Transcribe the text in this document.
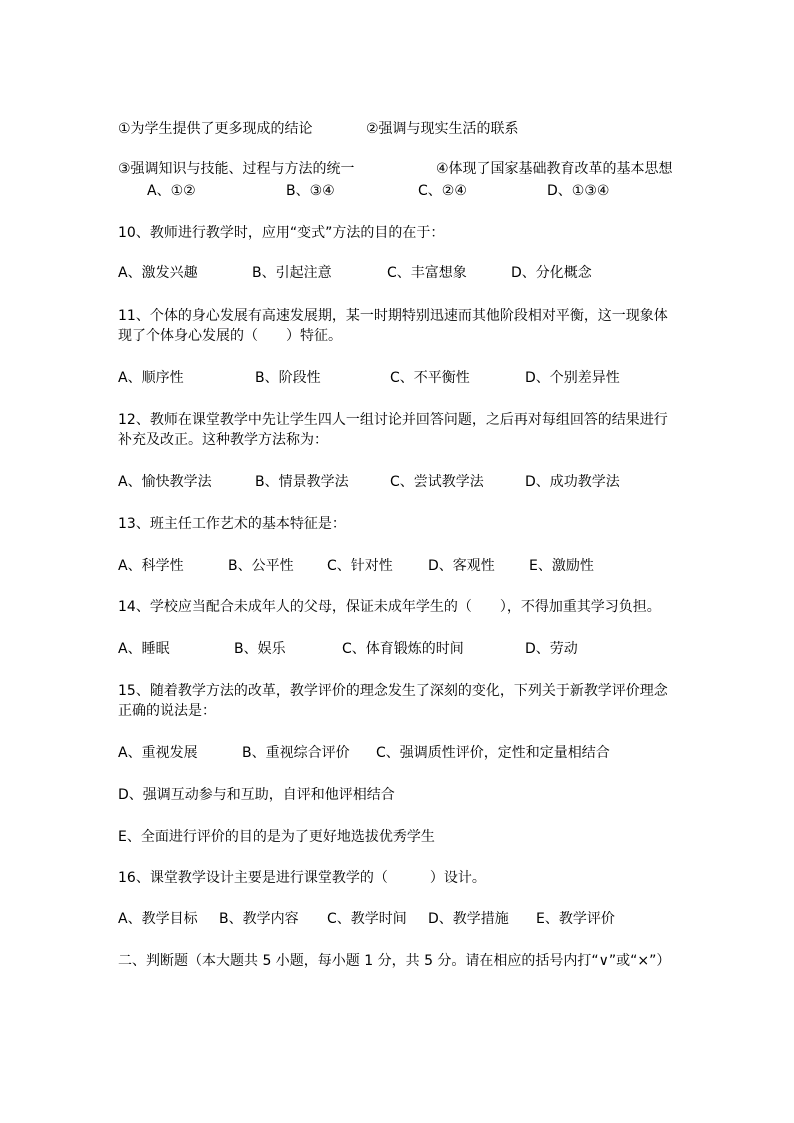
①为学生提供了更多现成的结论	②强调与现实生活的联系
③强调知识与技能、过程与方法的统一	④体现了国家基础教育改革的基本思想
A、①②	B、③④	C、②④	D、①③④
10、教师进行教学时，应用“变式”方法的目的在于：
A、激发兴趣	B、引起注意	C、丰富想象	D、分化概念
11、个体的身心发展有高速发展期，某一时期特别迅速而其他阶段相对平衡，这一现象体
现了个体身心发展的（　　）特征。
A、顺序性	B、阶段性	C、不平衡性	D、个别差异性
12、教师在课堂教学中先让学生四人一组讨论并回答问题，之后再对每组回答的结果进行
补充及改正。这种教学方法称为：
A、愉快教学法	B、情景教学法	C、尝试教学法	D、成功教学法
13、班主任工作艺术的基本特征是：
A、科学性	B、公平性 C、针对性	D、客观性 E、激励性
14、学校应当配合未成年人的父母，保证未成年学生的（　　），不得加重其学习负担。
A、睡眠	B、娱乐	C、体育锻炼的时间	D、劳动
15、随着教学方法的改革，教学评价的理念发生了深刻的变化，下列关于新教学评价理念
正确的说法是：
A、重视发展	B、重视综合评价 C、强调质性评价，定性和定量相结合
D、强调互动参与和互助，自评和他评相结合
E、全面进行评价的目的是为了更好地选拔优秀学生
16、课堂教学设计主要是进行课堂教学的（　　　）设计。
A、教学目标 B、教学内容 C、教学时间 D、教学措施 E、教学评价
二、判断题（本大题共 5 小题，每小题 1 分，共 5 分。请在相应的括号内打“∨”或“×”）
